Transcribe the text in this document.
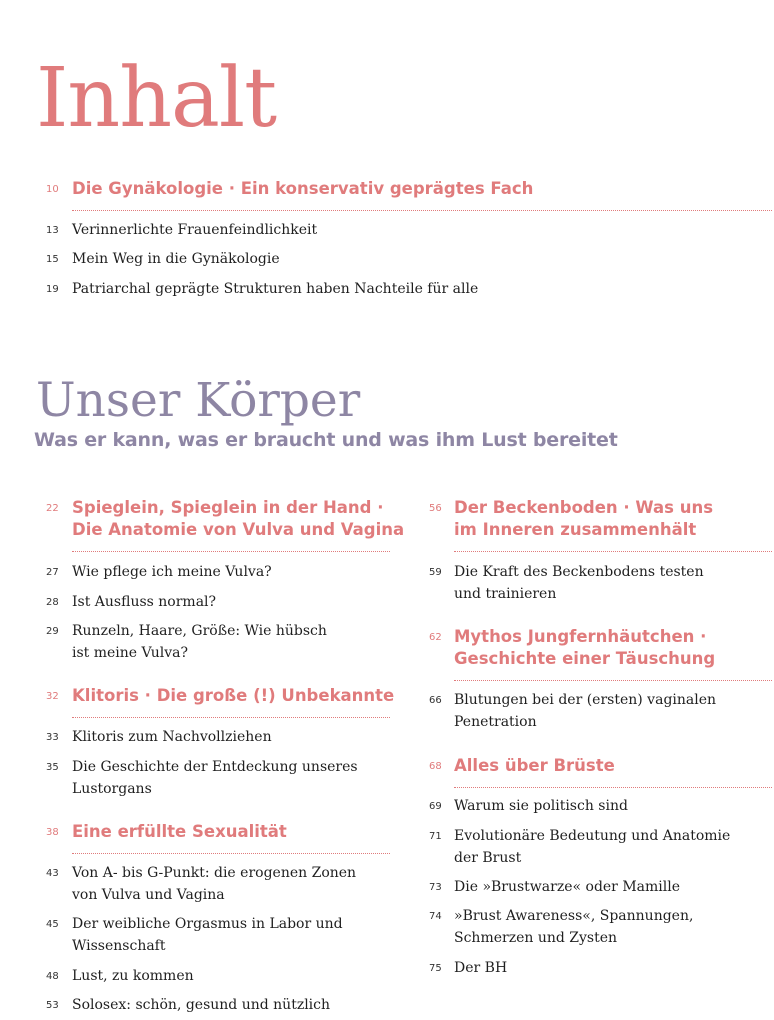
Inhalt
Unser Körper
Was er kann, was er braucht und was ihm Lust bereitet
10 Die Gynäkologie · Ein konservativ geprägtes Fach
13 Verinnerlichte Frauenfeindlichkeit
15 Mein Weg in die Gynäkologie
19 Patriarchal geprägte Strukturen haben Nachteile für alle
22 Spieglein, Spieglein in der Hand ·
Die Anatomie von Vulva und Vagina
27 Wie pflege ich meine Vulva?
28 Ist Ausfluss normal?
29 Runzeln, Haare, Größe: Wie hübsch
ist meine Vulva?
32 Klitoris · Die große (!) Unbekannte
33 Klitoris zum Nachvollziehen
35 Die Geschichte der Entdeckung unseres
Lustorgans
38 Eine erfüllte Sexualität
43 Von A- bis G-Punkt: die erogenen Zonen
von Vulva und Vagina
45 Der weibliche Orgasmus in Labor und
Wissenschaft
48 Lust, zu kommen
53 Solosex: schön, gesund und nützlich
56 Der Beckenboden · Was uns
im Inneren zusammenhält
59 Die Kraft des Beckenbodens testen
und trainieren
62 Mythos Jungfernhäutchen ·
Geschichte einer Täuschung
66 Blutungen bei der (ersten) vaginalen
Penetration
68 Alles über Brüste
69 Warum sie politisch sind
71 Evolutionäre Bedeutung und Anatomie
der Brust
73 Die »Brustwarze« oder Mamille
74 »Brust Awareness«, Spannungen,
Schmerzen und Zysten
75 Der BH
